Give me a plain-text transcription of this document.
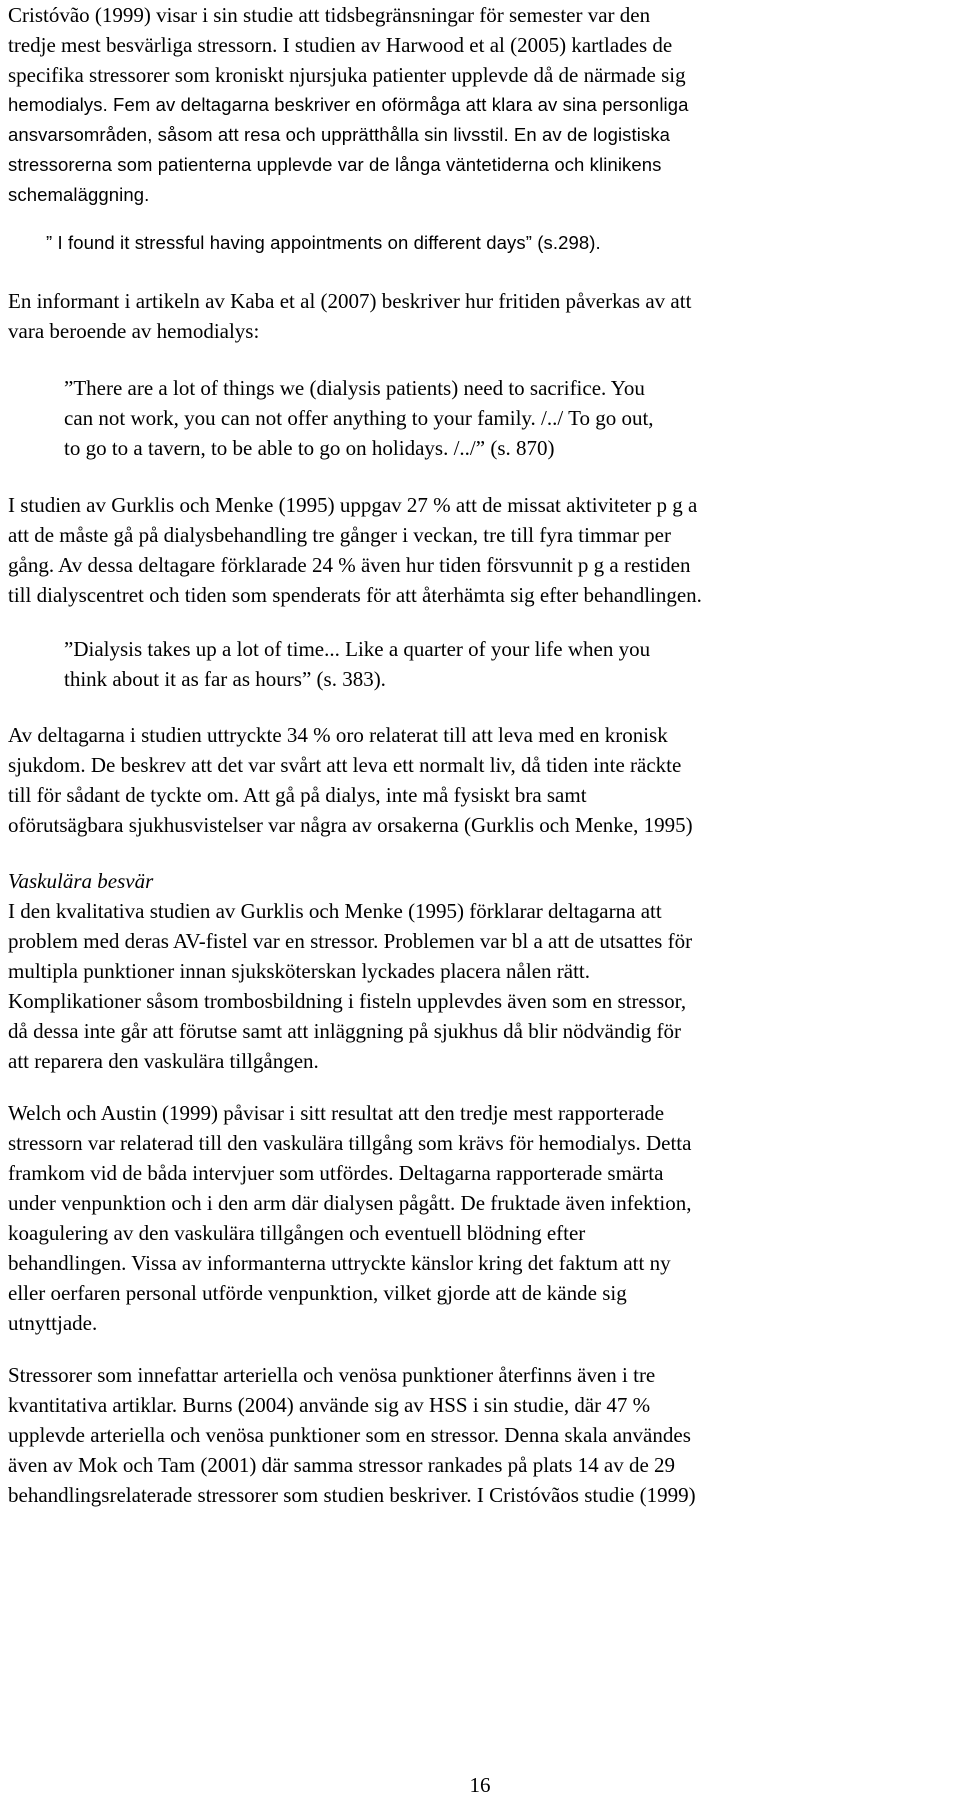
Cristóvão (1999) visar i sin studie att tidsbegränsningar för semester var den
tredje mest besvärliga stressorn. I studien av Harwood et al (2005) kartlades de
specifika stressorer som kroniskt njursjuka patienter upplevde då de närmade sig
hemodialys. Fem av deltagarna beskriver en oförmåga att klara av sina personliga
ansvarsområden, såsom att resa och upprätthålla sin livsstil. En av de logistiska
stressorerna som patienterna upplevde var de långa väntetiderna och klinikens
schemaläggning.
” I found it stressful having appointments on different days” (s.298).
En informant i artikeln av Kaba et al (2007) beskriver hur fritiden påverkas av att
vara beroende av hemodialys:
”There are a lot of things we (dialysis patients) need to sacrifice. You
can not work, you can not offer anything to your family. /../ To go out,
to go to a tavern, to be able to go on holidays. /../” (s. 870)
I studien av Gurklis och Menke (1995) uppgav 27 % att de missat aktiviteter p g a
att de måste gå på dialysbehandling tre gånger i veckan, tre till fyra timmar per
gång. Av dessa deltagare förklarade 24 % även hur tiden försvunnit p g a restiden
till dialyscentret och tiden som spenderats för att återhämta sig efter behandlingen.
”Dialysis takes up a lot of time... Like a quarter of your life when you
think about it as far as hours” (s. 383).
Av deltagarna i studien uttryckte 34 % oro relaterat till att leva med en kronisk
sjukdom. De beskrev att det var svårt att leva ett normalt liv, då tiden inte räckte
till för sådant de tyckte om. Att gå på dialys, inte må fysiskt bra samt
oförutsägbara sjukhusvistelser var några av orsakerna (Gurklis och Menke, 1995)
Vaskulära besvär
I den kvalitativa studien av Gurklis och Menke (1995) förklarar deltagarna att
problem med deras AV-fistel var en stressor. Problemen var bl a att de utsattes för
multipla punktioner innan sjuksköterskan lyckades placera nålen rätt.
Komplikationer såsom trombosbildning i fisteln upplevdes även som en stressor,
då dessa inte går att förutse samt att inläggning på sjukhus då blir nödvändig för
att reparera den vaskulära tillgången.
Welch och Austin (1999) påvisar i sitt resultat att den tredje mest rapporterade
stressorn var relaterad till den vaskulära tillgång som krävs för hemodialys. Detta
framkom vid de båda intervjuer som utfördes. Deltagarna rapporterade smärta
under venpunktion och i den arm där dialysen pågått. De fruktade även infektion,
koagulering av den vaskulära tillgången och eventuell blödning efter
behandlingen. Vissa av informanterna uttryckte känslor kring det faktum att ny
eller oerfaren personal utförde venpunktion, vilket gjorde att de kände sig
utnyttjade.
Stressorer som innefattar arteriella och venösa punktioner återfinns även i tre
kvantitativa artiklar. Burns (2004) använde sig av HSS i sin studie, där 47 %
upplevde arteriella och venösa punktioner som en stressor. Denna skala användes
även av Mok och Tam (2001) där samma stressor rankades på plats 14 av de 29
behandlingsrelaterade stressorer som studien beskriver. I Cristóvãos studie (1999)
16
